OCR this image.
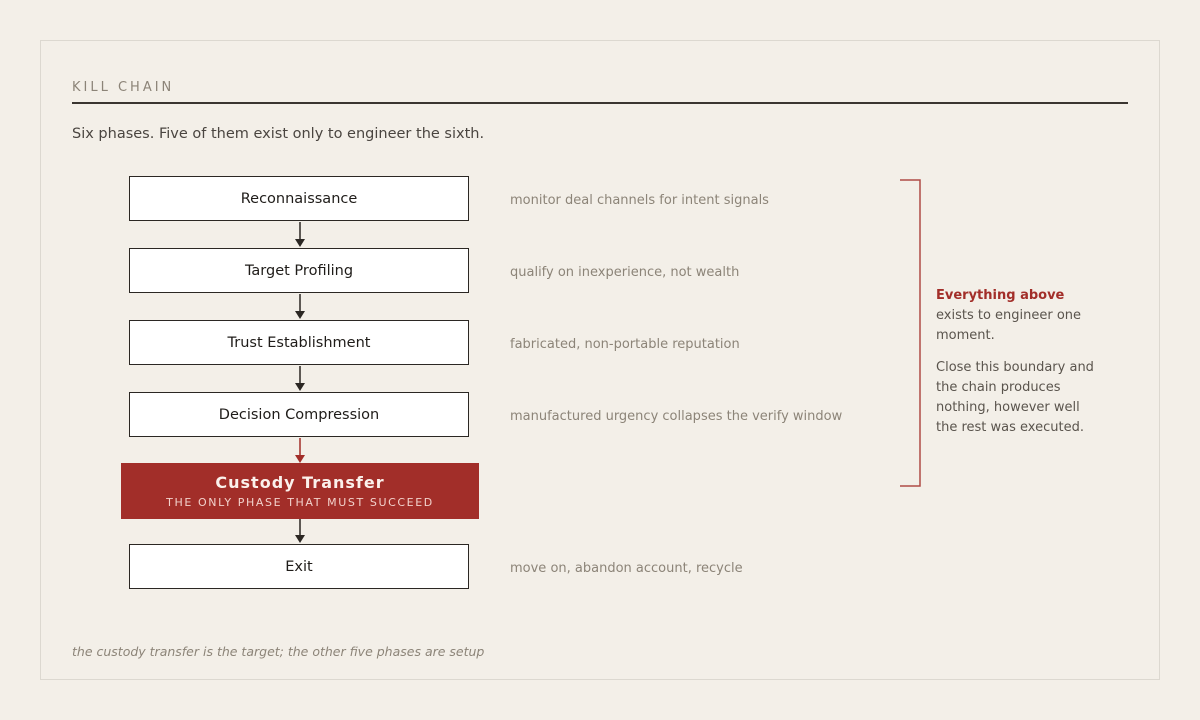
KILL CHAIN
Six phases. Five of them exist only to engineer the sixth.
Reconnaissance	monitor deal channels for intent signals
Target Profiling	qualify on inexperience, not wealth
Trust Establishment	fabricated, non-portable reputation
Decision Compression	manufactured urgency collapses the verify window
Custody Transfer
THE ONLY PHASE THAT MUST SUCCEED
Exit	move on, abandon account, recycle
Everything above
exists to engineer one moment.
Close this boundary and the chain produces nothing, however well the rest was executed.
the custody transfer is the target; the other five phases are setup
